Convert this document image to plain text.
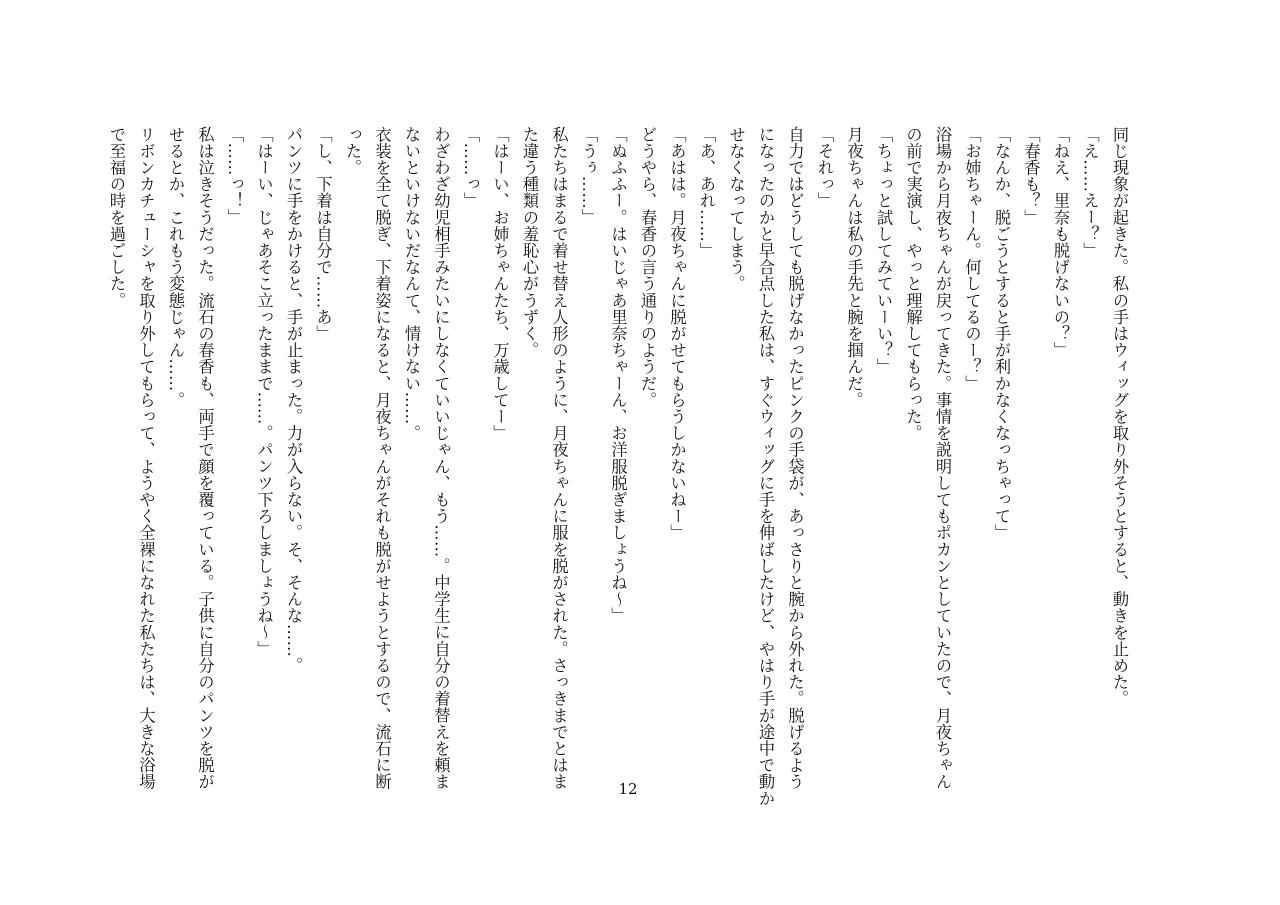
同じ現象が起きた。私の手はウィッグを取り外そうとすると、動きを止めた。

「え……えー？」

「ねえ、里奈も脱げないの？」

「春香も？」

「なんか、脱ごうとすると手が利かなくなっちゃって」

「お姉ちゃーん。何してるのー？」

浴場から月夜ちゃんが戻ってきた。事情を説明してもポカンとしていたので、月夜ちゃん

の前で実演し、やっと理解してもらった。

「ちょっと試してみていーい？」

月夜ちゃんは私の手先と腕を掴んだ。

「それっ」

自力ではどうしても脱げなかったピンクの手袋が、あっさりと腕から外れた。脱げるよう

になったのかと早合点した私は、すぐウィッグに手を伸ばしたけど、やはり手が途中で動か

せなくなってしまう。

「あ、あれ……」

「あはは。月夜ちゃんに脱がせてもらうしかないねー」

どうやら、春香の言う通りのようだ。

「ぬふふー。はいじゃあ里奈ちゃーん、お洋服脱ぎましょうね～」

「うぅ……」

私たちはまるで着せ替え人形のように、月夜ちゃんに服を脱がされた。さっきまでとはま

た違う種類の羞恥心がうずく。

「はーい、お姉ちゃんたち、万歳してー」

「……っ」

わざわざ幼児相手みたいにしなくていいじゃん、もう……。中学生に自分の着替えを頼ま

ないといけないだなんて、情けない……。

衣装を全て脱ぎ、下着姿になると、月夜ちゃんがそれも脱がせようとするので、流石に断

った。

「し、下着は自分で……あ」

パンツに手をかけると、手が止まった。力が入らない。そ、そんな……。

「はーい、じゃあそこ立ったままで……。パンツ下ろしましょうね～」

「……っ！」

私は泣きそうだった。流石の春香も、両手で顔を覆っている。子供に自分のパンツを脱が

せるとか、これもう変態じゃん……。

リボンカチューシャを取り外してもらって、ようやく全裸になれた私たちは、大きな浴場

で至福の時を過ごした。

12
